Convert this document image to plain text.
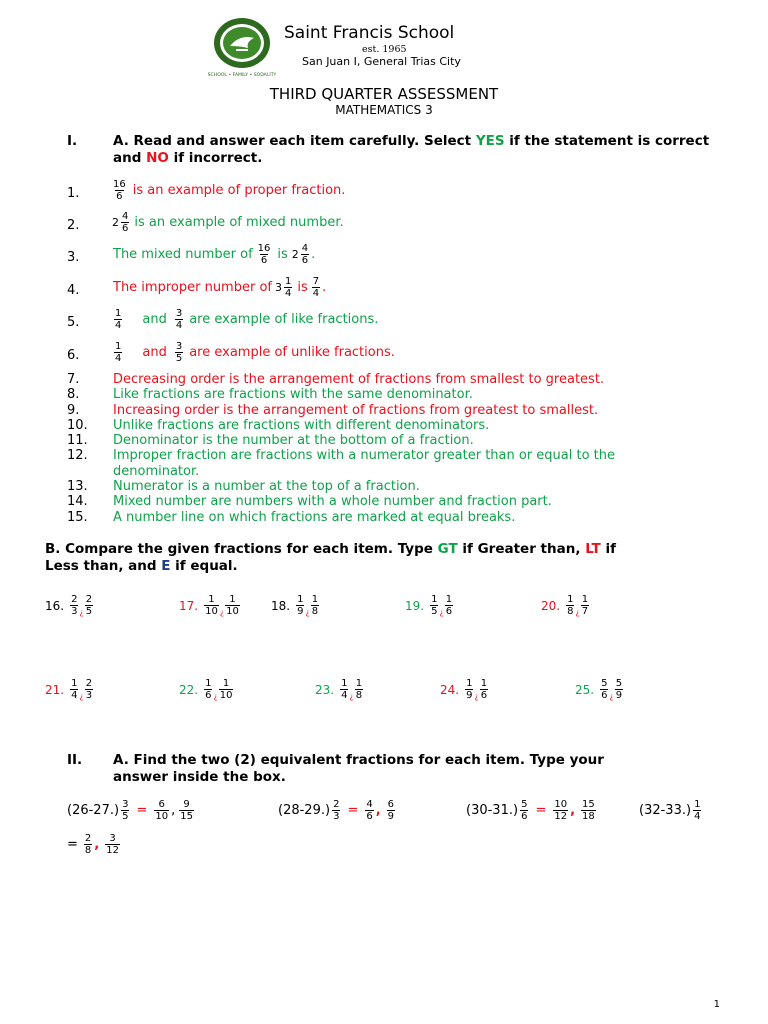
SCHOOL • FAMILY • SODALITY
Saint Francis School
est. 1965
San Juan I, General Trias City
THIRD QUARTER ASSESSMENT
MATHEMATICS 3
I.	A. Read and answer each item carefully. Select YES if the statement is correct and NO if incorrect.
1.	$\frac{16}{6}$ is an example of proper fraction.
2.	$2 \frac{4}{6}$ is an example of mixed number.
3.	The mixed number of $\frac{16}{6}$ is $2 \frac{4}{6}$ .
4.	The improper number of $3 \frac{1}{4}$ is $\frac{7}{4}$ .
5.	$\frac{1}{4}$ and $\frac{3}{4}$ are example of like fractions.
6.	$\frac{1}{4}$ and $\frac{3}{5}$ are example of unlike fractions.
7.	Decreasing order is the arrangement of fractions from smallest to greatest.
8.	Like fractions are fractions with the same denominator.
9.	Increasing order is the arrangement of fractions from greatest to smallest.
10.	Unlike fractions are fractions with different denominators.
11.	Denominator is the number at the bottom of a fraction.
12.	Improper fraction are fractions with a numerator greater than or equal to the
denominator.
13.	Numerator is a number at the top of a fraction.
14.	Mixed number are numbers with a whole number and fraction part.
15.	A number line on which fractions are marked at equal breaks.
B. Compare the given fractions for each item. Type GT if Greater than, LT if
Less than, and E if equal.
16. $\frac{2}{3}$ ¿ $\frac{2}{5}$	17. $\frac{1}{10}$ ¿ $\frac{1}{10}$	18. $\frac{1}{9}$ ¿ $\frac{1}{8}$	19. $\frac{1}{5}$ ¿ $\frac{1}{6}$	20. $\frac{1}{8}$ ¿ $\frac{1}{7}$
21. $\frac{1}{4}$ ¿ $\frac{2}{3}$	22. $\frac{1}{6}$ ¿ $\frac{1}{10}$	23. $\frac{1}{4}$ ¿ $\frac{1}{8}$	24. $\frac{1}{9}$ ¿ $\frac{1}{6}$	25. $\frac{5}{6}$ ¿ $\frac{5}{9}$
II. A. Find the two (2) equivalent fractions for each item. Type your
answer inside the box.
$(26-27.) \frac{3}{5} = \frac{6}{10}$ , $\frac{9}{15}$	$(28-29.) \frac{2}{3} = \frac{4}{6}$ , $\frac{6}{9}$	$(30-31.) \frac{5}{6} = \frac{10}{12}$ , $\frac{15}{18}$	$(32-33.) \frac{1}{4}$
= $\frac{2}{8}$ , $\frac{3}{12}$
1
